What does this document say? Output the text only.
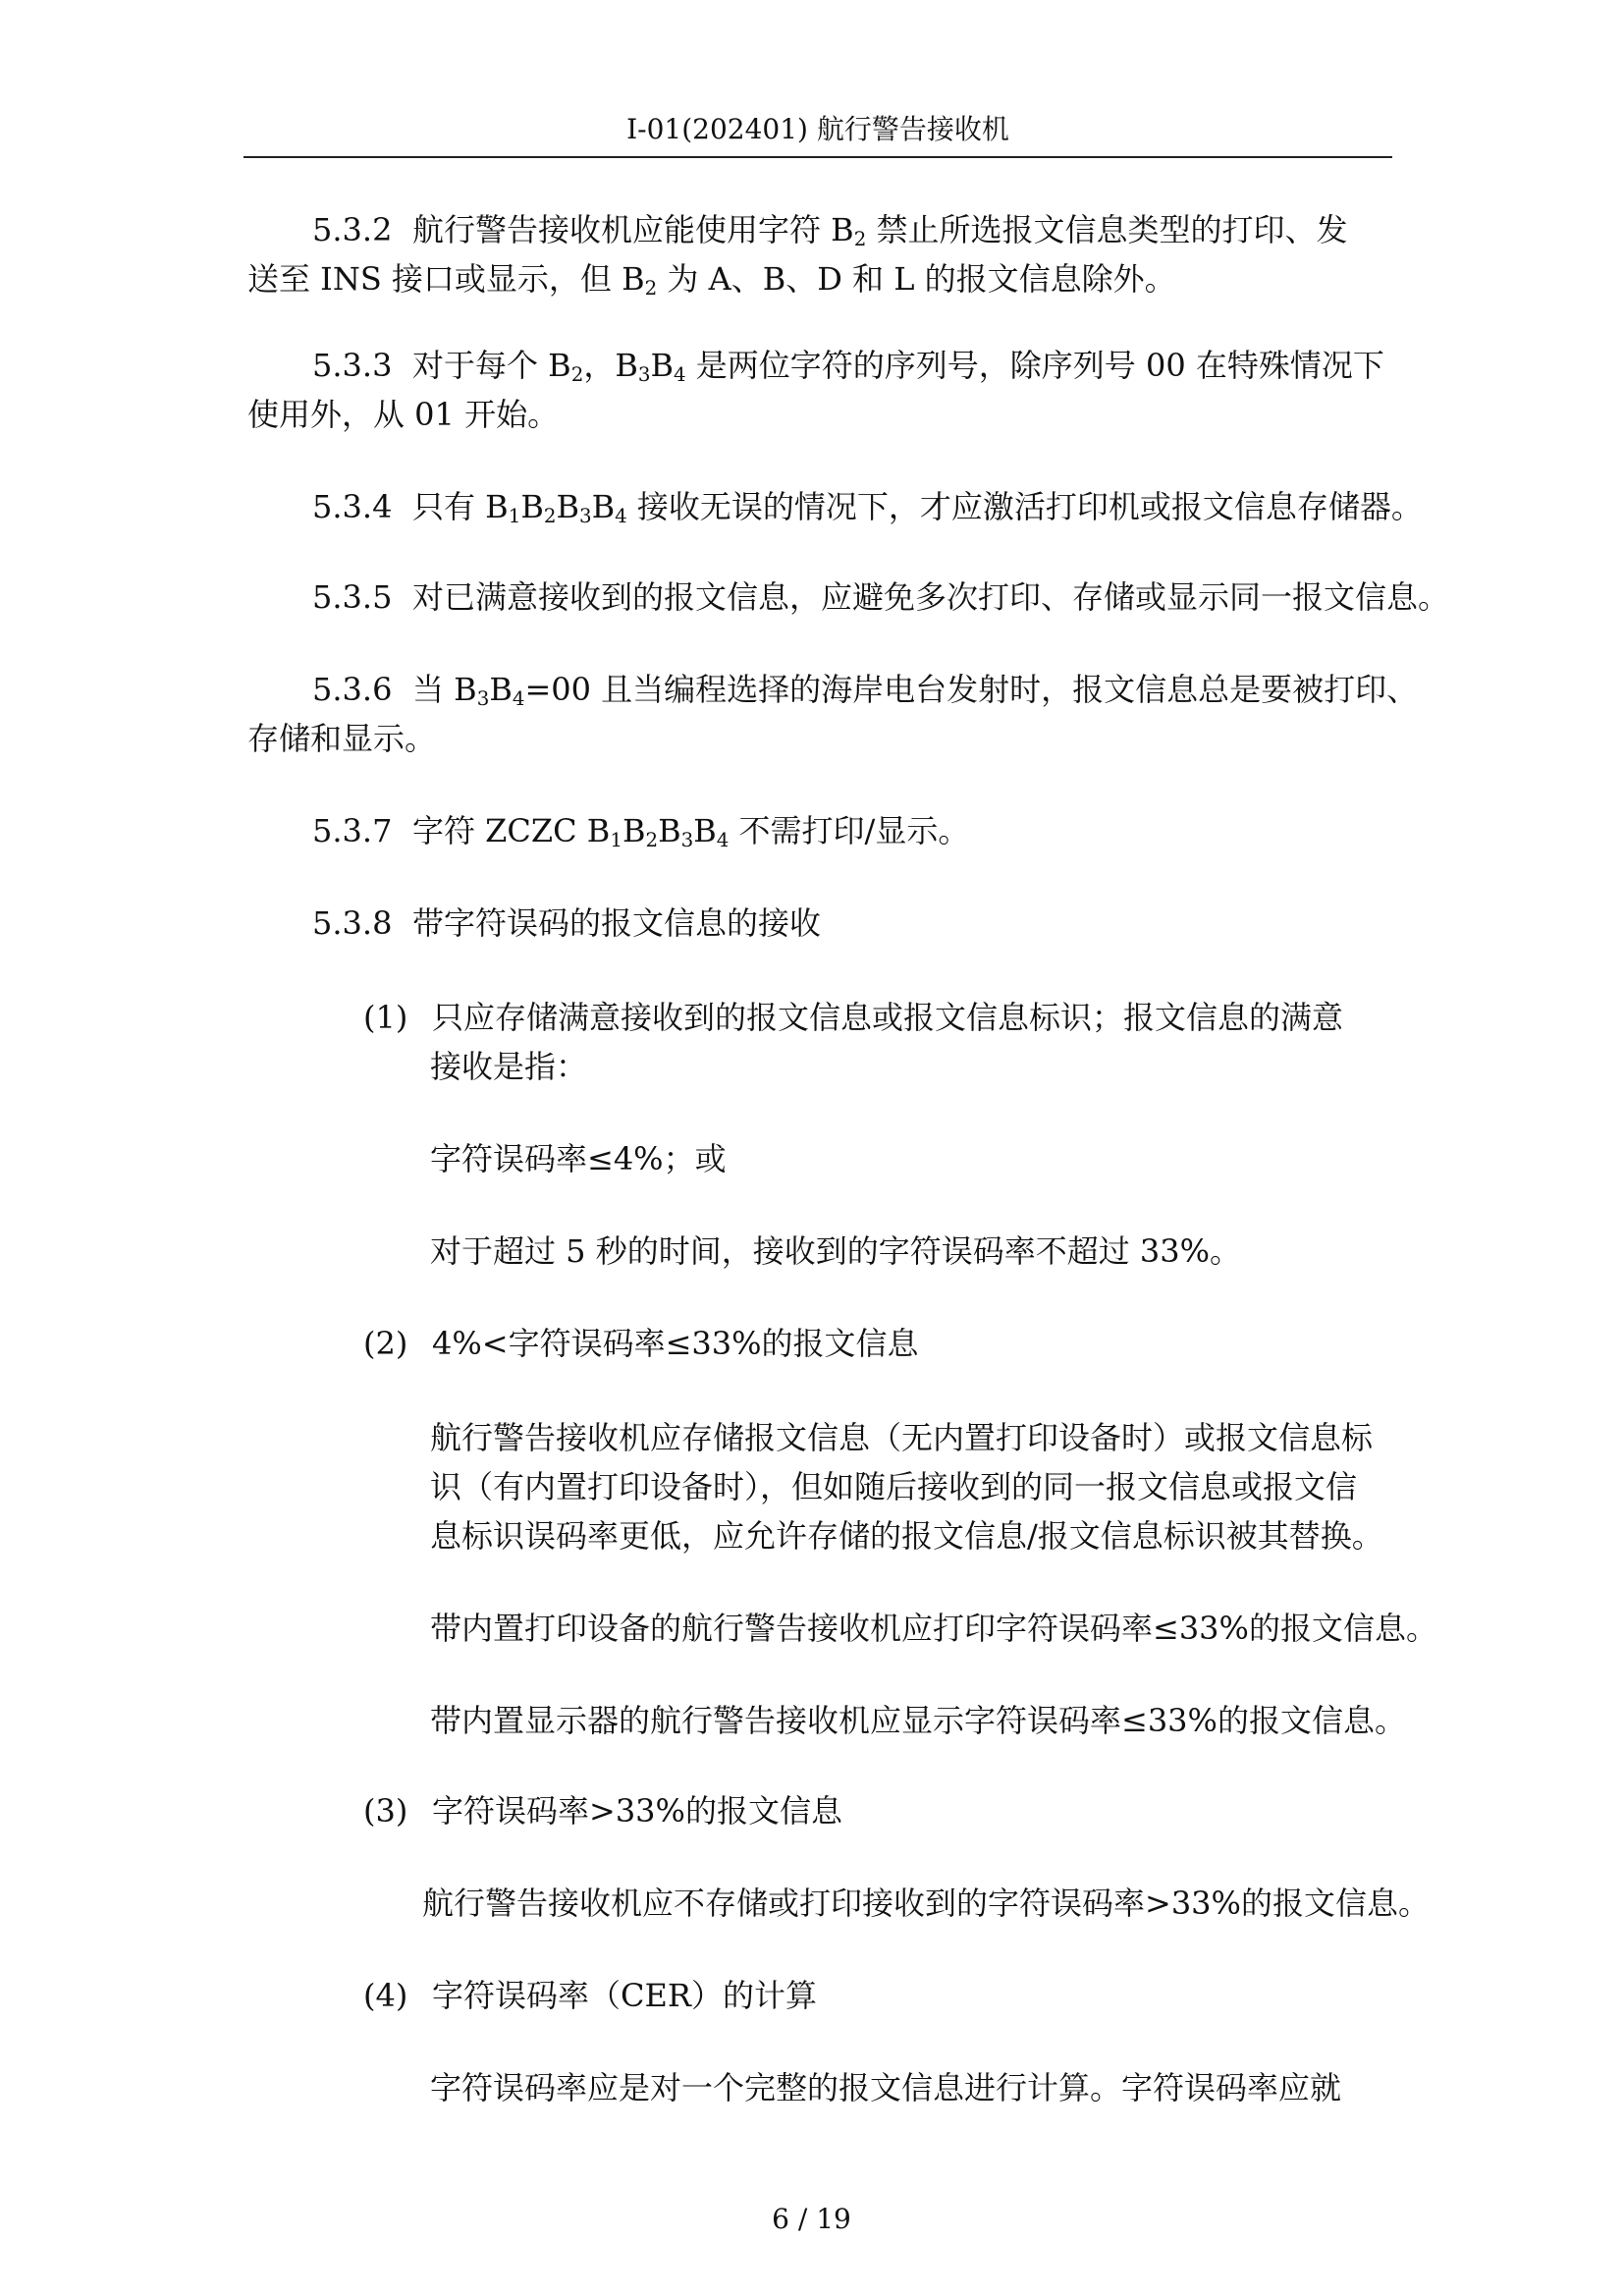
I-01(202401) 航行警告接收机
5.3.2 航行警告接收机应能使用字符 $B_2$ 禁止所选报文信息类型的打印、发
送至 INS 接口或显示，但 $B_2$ 为 A、B、D 和 L 的报文信息除外。
5.3.3 对于每个 $B_2$，$B_3B_4$ 是两位字符的序列号，除序列号 00 在特殊情况下
使用外，从 01 开始。
5.3.4 只有 $B_1B_2B_3B_4$ 接收无误的情况下，才应激活打印机或报文信息存储器。
5.3.5 对已满意接收到的报文信息，应避免多次打印、存储或显示同一报文信息。
5.3.6 当 $B_3B_4=00$ 且当编程选择的海岸电台发射时，报文信息总是要被打印、
存储和显示。
5.3.7 字符 ZCZC $B_1B_2B_3B_4$ 不需打印/显示。
5.3.8 带字符误码的报文信息的接收
(1) 只应存储满意接收到的报文信息或报文信息标识；报文信息的满意
接收是指：
字符误码率≤4%；或
对于超过 5 秒的时间，接收到的字符误码率不超过 33%。
(2) 4%<字符误码率≤33%的报文信息
航行警告接收机应存储报文信息（无内置打印设备时）或报文信息标
识（有内置打印设备时），但如随后接收到的同一报文信息或报文信
息标识误码率更低，应允许存储的报文信息/报文信息标识被其替换。
带内置打印设备的航行警告接收机应打印字符误码率≤33%的报文信息。
带内置显示器的航行警告接收机应显示字符误码率≤33%的报文信息。
(3) 字符误码率>33%的报文信息
航行警告接收机应不存储或打印接收到的字符误码率>33%的报文信息。
(4) 字符误码率（CER）的计算
字符误码率应是对一个完整的报文信息进行计算。字符误码率应就
6 / 19
